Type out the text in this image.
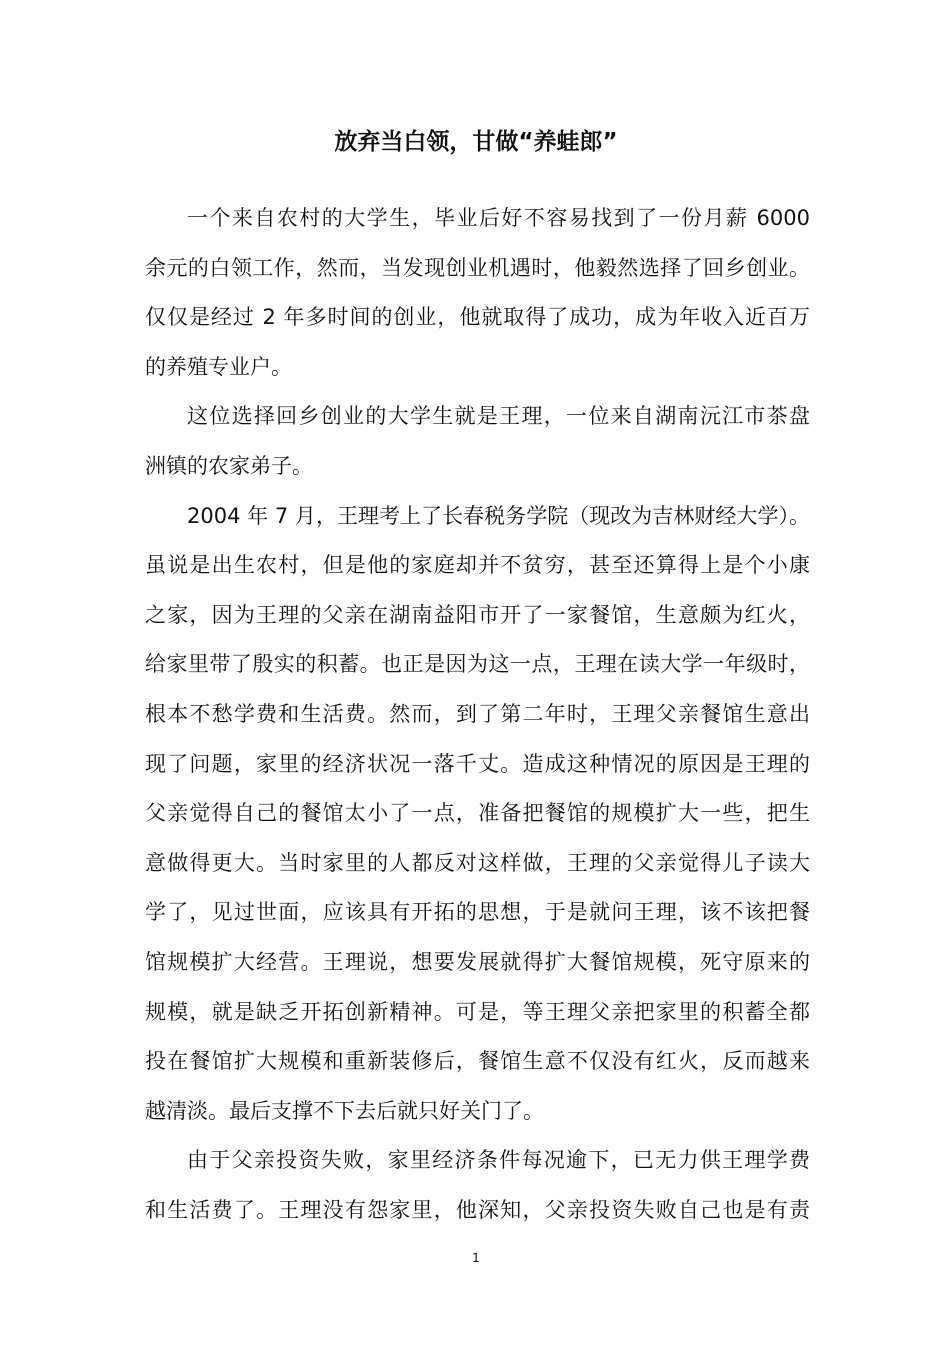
放弃当白领，甘做“养蛙郎”
一个来自农村的大学生，毕业后好不容易找到了一份月薪 6000
余元的白领工作，然而，当发现创业机遇时，他毅然选择了回乡创业。
仅仅是经过 2 年多时间的创业，他就取得了成功，成为年收入近百万
的养殖专业户。
这位选择回乡创业的大学生就是王理，一位来自湖南沅江市茶盘
洲镇的农家弟子。
2004 年 7 月，王理考上了长春税务学院（现改为吉林财经大学）。
虽说是出生农村，但是他的家庭却并不贫穷，甚至还算得上是个小康
之家，因为王理的父亲在湖南益阳市开了一家餐馆，生意颇为红火，
给家里带了殷实的积蓄。也正是因为这一点，王理在读大学一年级时，
根本不愁学费和生活费。然而，到了第二年时，王理父亲餐馆生意出
现了问题，家里的经济状况一落千丈。造成这种情况的原因是王理的
父亲觉得自己的餐馆太小了一点，准备把餐馆的规模扩大一些，把生
意做得更大。当时家里的人都反对这样做，王理的父亲觉得儿子读大
学了，见过世面，应该具有开拓的思想，于是就问王理，该不该把餐
馆规模扩大经营。王理说，想要发展就得扩大餐馆规模，死守原来的
规模，就是缺乏开拓创新精神。可是，等王理父亲把家里的积蓄全都
投在餐馆扩大规模和重新装修后，餐馆生意不仅没有红火，反而越来
越清淡。最后支撑不下去后就只好关门了。
由于父亲投资失败，家里经济条件每况逾下，已无力供王理学费
和生活费了。王理没有怨家里，他深知，父亲投资失败自己也是有责
1
